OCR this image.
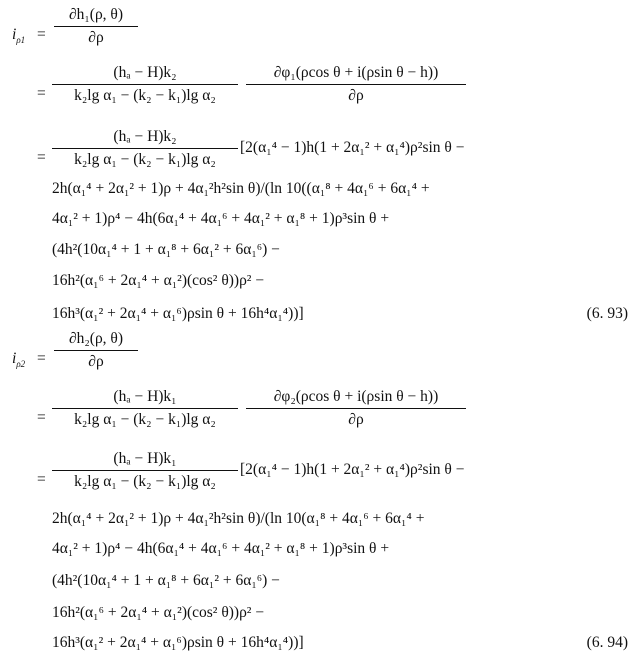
$i_{\rho 1}$ =
∂h₁(ρ, θ)
∂ρ
=
(hₐ − H)k₂
k₂lg α₁ − (k₂ − k₁)lg α₂
∂φ₁(ρcos θ + i(ρsin θ − h))
∂ρ
=
(hₐ − H)k₂
k₂lg α₁ − (k₂ − k₁)lg α₂
[2(α₁⁴ − 1)h(1 + 2α₁² + α₁⁴)ρ²sin θ −
2h(α₁⁴ + 2α₁² + 1)ρ + 4α₁²h²sin θ)/(ln 10((α₁⁸ + 4α₁⁶ + 6α₁⁴ +
4α₁² + 1)ρ⁴ − 4h(6α₁⁴ + 4α₁⁶ + 4α₁² + α₁⁸ + 1)ρ³sin θ +
(4h²(10α₁⁴ + 1 + α₁⁸ + 6α₁² + 6α₁⁶) −
16h²(α₁⁶ + 2α₁⁴ + α₁²)(cos² θ))ρ² −
16h³(α₁² + 2α₁⁴ + α₁⁶)ρsin θ + 16h⁴α₁⁴))]	(6. 93)
$i_{\rho 2}$ =
∂h₂(ρ, θ)
∂ρ
=
(hₐ − H)k₁
k₂lg α₁ − (k₂ − k₁)lg α₂
∂φ₂(ρcos θ + i(ρsin θ − h))
∂ρ
=
(hₐ − H)k₁
k₂lg α₁ − (k₂ − k₁)lg α₂
[2(α₁⁴ − 1)h(1 + 2α₁² + α₁⁴)ρ²sin θ −
2h(α₁⁴ + 2α₁² + 1)ρ + 4α₁²h²sin θ)/(ln 10(α₁⁸ + 4α₁⁶ + 6α₁⁴ +
4α₁² + 1)ρ⁴ − 4h(6α₁⁴ + 4α₁⁶ + 4α₁² + α₁⁸ + 1)ρ³sin θ +
(4h²(10α₁⁴ + 1 + α₁⁸ + 6α₁² + 6α₁⁶) −
16h²(α₁⁶ + 2α₁⁴ + α₁²)(cos² θ))ρ² −
16h³(α₁² + 2α₁⁴ + α₁⁶)ρsin θ + 16h⁴α₁⁴))]	(6. 94)
